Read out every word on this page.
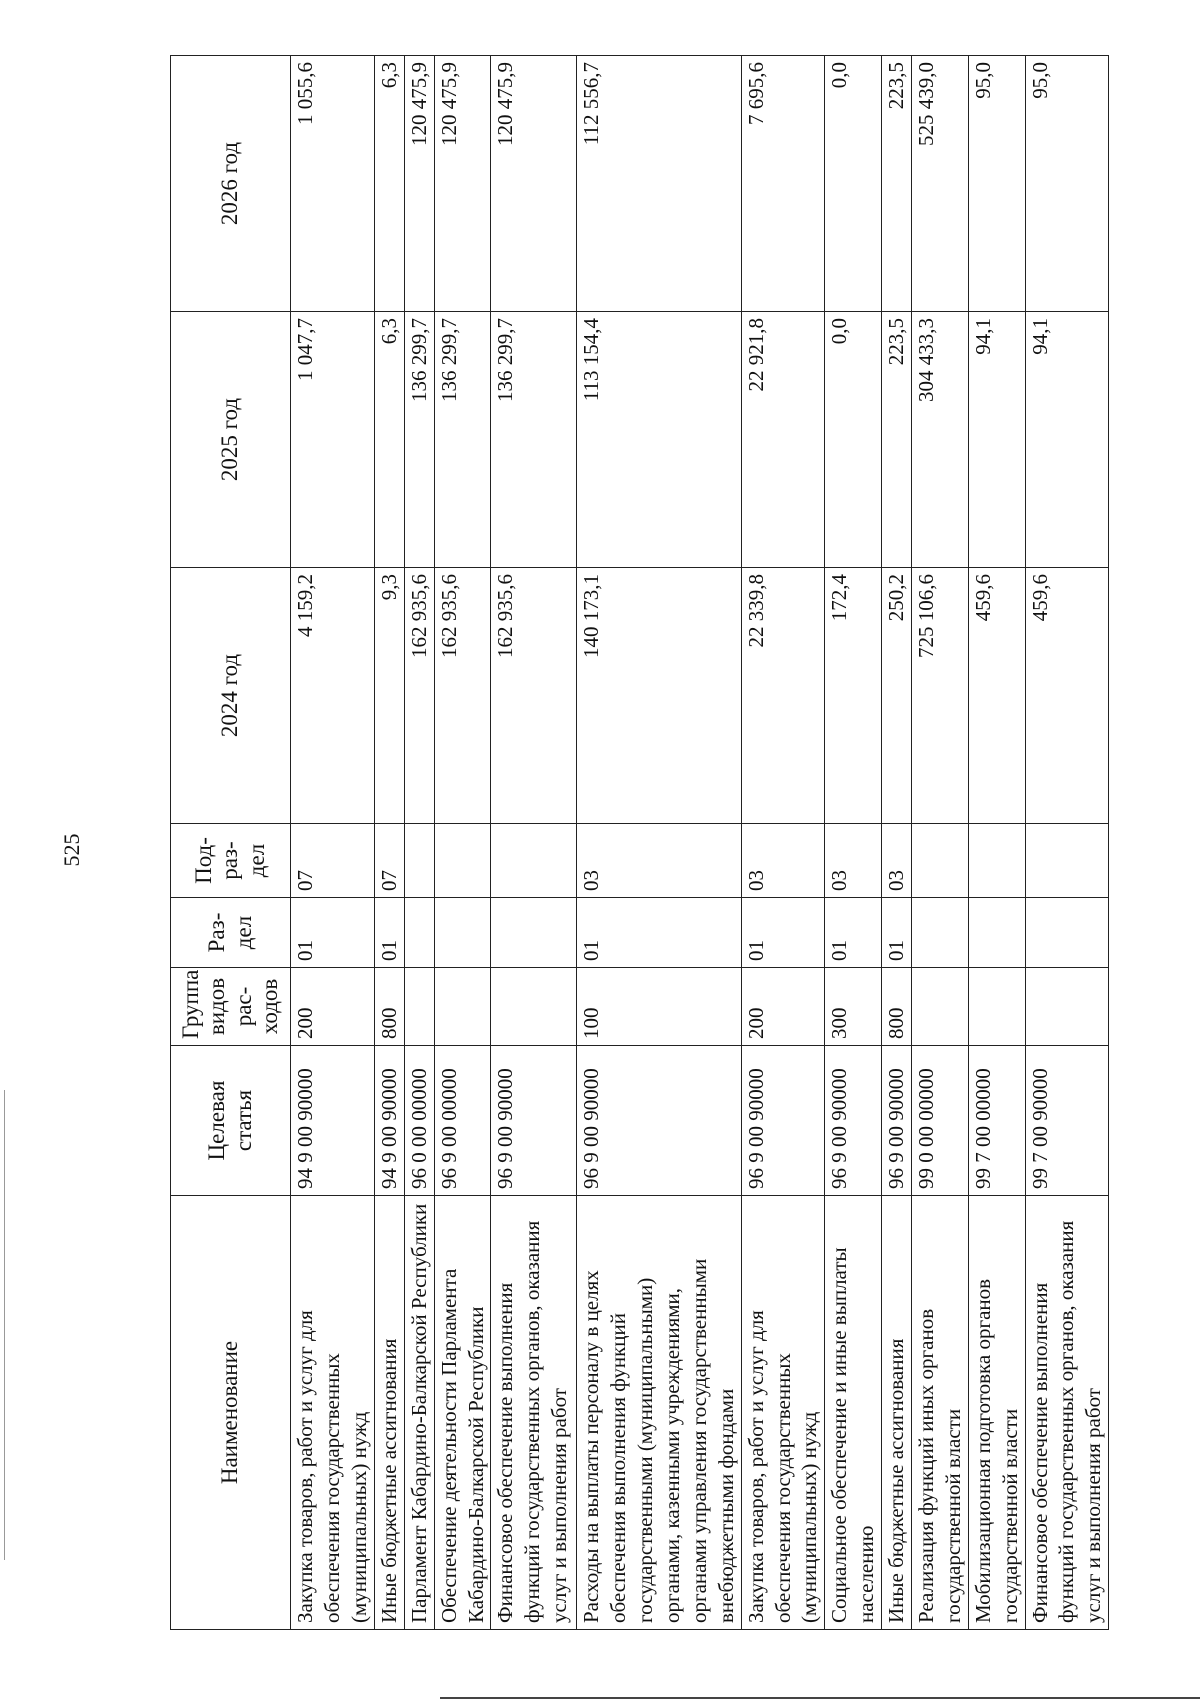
525
Наименование	Целевая статья	Группа видов рас-ходов	Раз-дел	Под-раз-дел	2024 год	2025 год	2026 год
Закупка товаров, работ и услуг для обеспечения государственных (муниципальных) нужд	94 9 00 90000	200	01	07	4 159,2	1 047,7	1 055,6
Иные бюджетные ассигнования	94 9 00 90000	800	01	07	9,3	6,3	6,3
Парламент Кабардино-Балкарской Республики	96 0 00 00000				162 935,6	136 299,7	120 475,9
Обеспечение деятельности Парламента Кабардино-Балкарской Республики	96 9 00 00000				162 935,6	136 299,7	120 475,9
Финансовое обеспечение выполнения функций государственных органов, оказания услуг и выполнения работ	96 9 00 90000				162 935,6	136 299,7	120 475,9
Расходы на выплаты персоналу в целях обеспечения выполнения функций государственными (муниципальными) органами, казенными учреждениями, органами управления государственными внебюджетными фондами	96 9 00 90000	100	01	03	140 173,1	113 154,4	112 556,7
Закупка товаров, работ и услуг для обеспечения государственных (муниципальных) нужд	96 9 00 90000	200	01	03	22 339,8	22 921,8	7 695,6
Социальное обеспечение и иные выплаты населению	96 9 00 90000	300	01	03	172,4	0,0	0,0
Иные бюджетные ассигнования	96 9 00 90000	800	01	03	250,2	223,5	223,5
Реализация функций иных органов государственной власти	99 0 00 00000				725 106,6	304 433,3	525 439,0
Мобилизационная подготовка органов государственной власти	99 7 00 00000				459,6	94,1	95,0
Финансовое обеспечение выполнения функций государственных органов, оказания услуг и выполнения работ	99 7 00 90000				459,6	94,1	95,0
